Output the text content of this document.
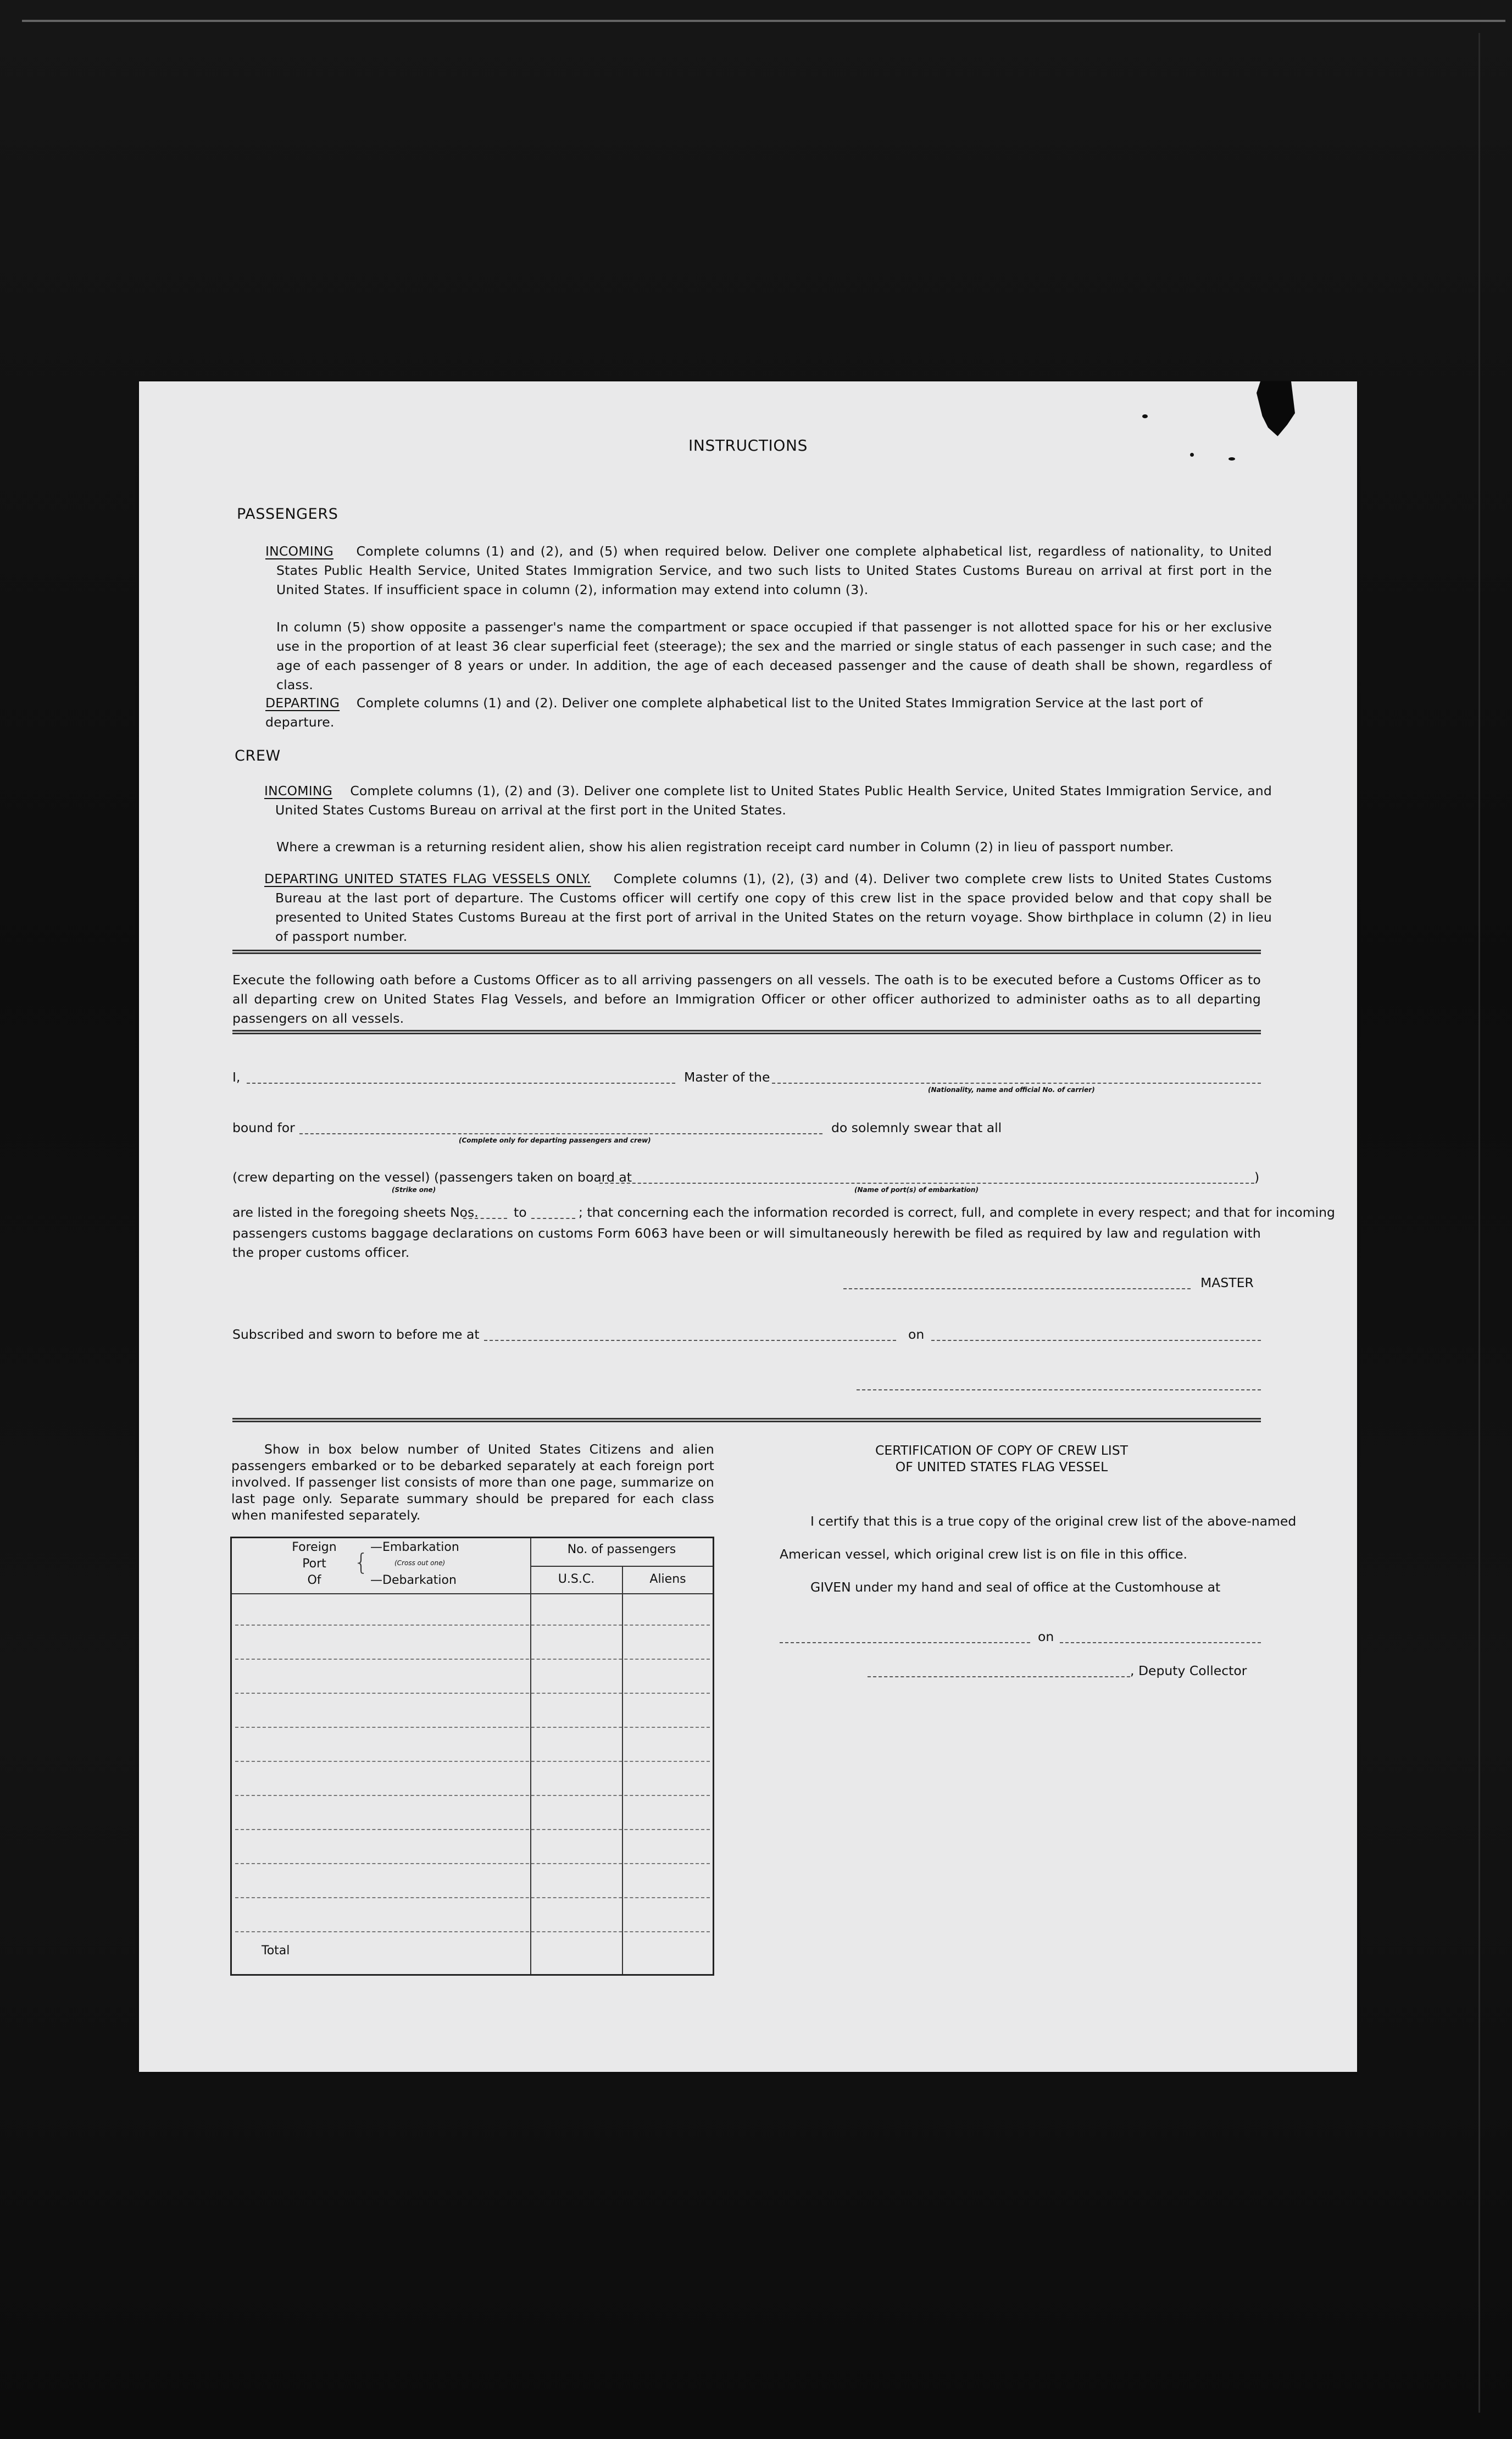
INSTRUCTIONS
PASSENGERS
INCOMING Complete columns (1) and (2), and (5) when required below. Deliver one complete alphabetical list, regardless of nationality, to United States Public Health Service, United States Immigration Service, and two such lists to United States Customs Bureau on arrival at first port in the United States. If insufficient space in column (2), information may extend into column (3).
In column (5) show opposite a passenger's name the compartment or space occupied if that passenger is not allotted space for his or her exclusive use in the proportion of at least 36 clear superficial feet (steerage); the sex and the married or single status of each passenger in such case; and the age of each passenger of 8 years or under. In addition, the age of each deceased passenger and the cause of death shall be shown, regardless of class.
DEPARTING Complete columns (1) and (2). Deliver one complete alphabetical list to the United States Immigration Service at the last port of departure.
CREW
INCOMING Complete columns (1), (2) and (3). Deliver one complete list to United States Public Health Service, United States Immigration Service, and United States Customs Bureau on arrival at the first port in the United States.
Where a crewman is a returning resident alien, show his alien registration receipt card number in Column (2) in lieu of passport number.
DEPARTING UNITED STATES FLAG VESSELS ONLY. Complete columns (1), (2), (3) and (4). Deliver two complete crew lists to United States Customs Bureau at the last port of departure. The Customs officer will certify one copy of this crew list in the space provided below and that copy shall be presented to United States Customs Bureau at the first port of arrival in the United States on the return voyage. Show birthplace in column (2) in lieu of passport number.
Execute the following oath before a Customs Officer as to all arriving passengers on all vessels. The oath is to be executed before a Customs Officer as to all departing crew on United States Flag Vessels, and before an Immigration Officer or other officer authorized to administer oaths as to all departing passengers on all vessels.
I,	Master of the
(Nationality, name and official No. of carrier)
bound for
(Complete only for departing passengers and crew)
do solemnly swear that all
(crew departing on the vessel) (passengers taken on board at	)
(Strike one)	(Name of port(s) of embarkation)
are listed in the foregoing sheets Nos.	to	; that concerning each the information recorded is correct, full, and complete in every respect; and that for incoming
passengers customs baggage declarations on customs Form 6063 have been or will simultaneously herewith be filed as required by law and regulation with the proper customs officer.
MASTER
Subscribed and sworn to before me at	on
Show in box below number of United States Citizens and alien passengers embarked or to be debarked separately at each foreign port involved. If passenger list consists of more than one page, summarize on last page only. Separate summary should be prepared for each class when manifested separately.
Foreign
Port
Of
{
—Embarkation
(Cross out one)
—Debarkation
No. of passengers
U.S.C.	Aliens
Total
CERTIFICATION OF COPY OF CREW LIST
OF UNITED STATES FLAG VESSEL
I certify that this is a true copy of the original crew list of the above-named
American vessel, which original crew list is on file in this office.
GIVEN under my hand and seal of office at the Customhouse at
on
, Deputy Collector
